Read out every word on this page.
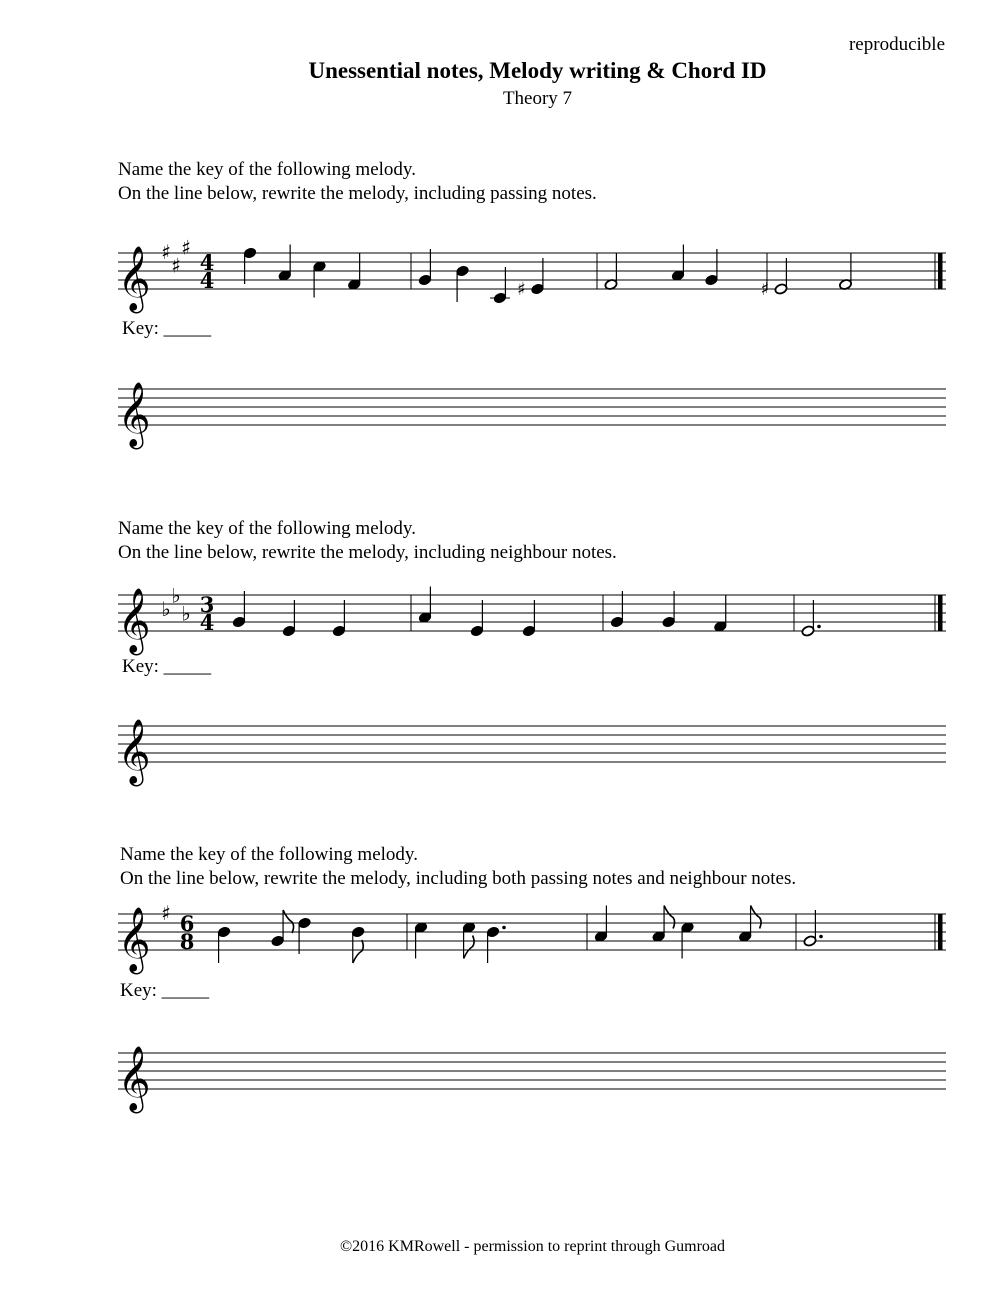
reproducible

Unessential notes, Melody writing & Chord ID

Theory 7

Name the key of the following melody.

On the line below, rewrite the melody, including passing notes.

Key: _____

Name the key of the following melody.

On the line below, rewrite the melody, including neighbour notes.

Key: _____

Name the key of the following melody.

On the line below, rewrite the melody, including both passing notes and neighbour notes.

Key: _____

𝄞 ♯
♯
♯
4
4	♯	♯
𝄞 ♭
♭
♭ 3
4
𝄞 ♯ 6
8
𝄞
𝄞
𝄞

©2016 KMRowell - permission to reprint through Gumroad
